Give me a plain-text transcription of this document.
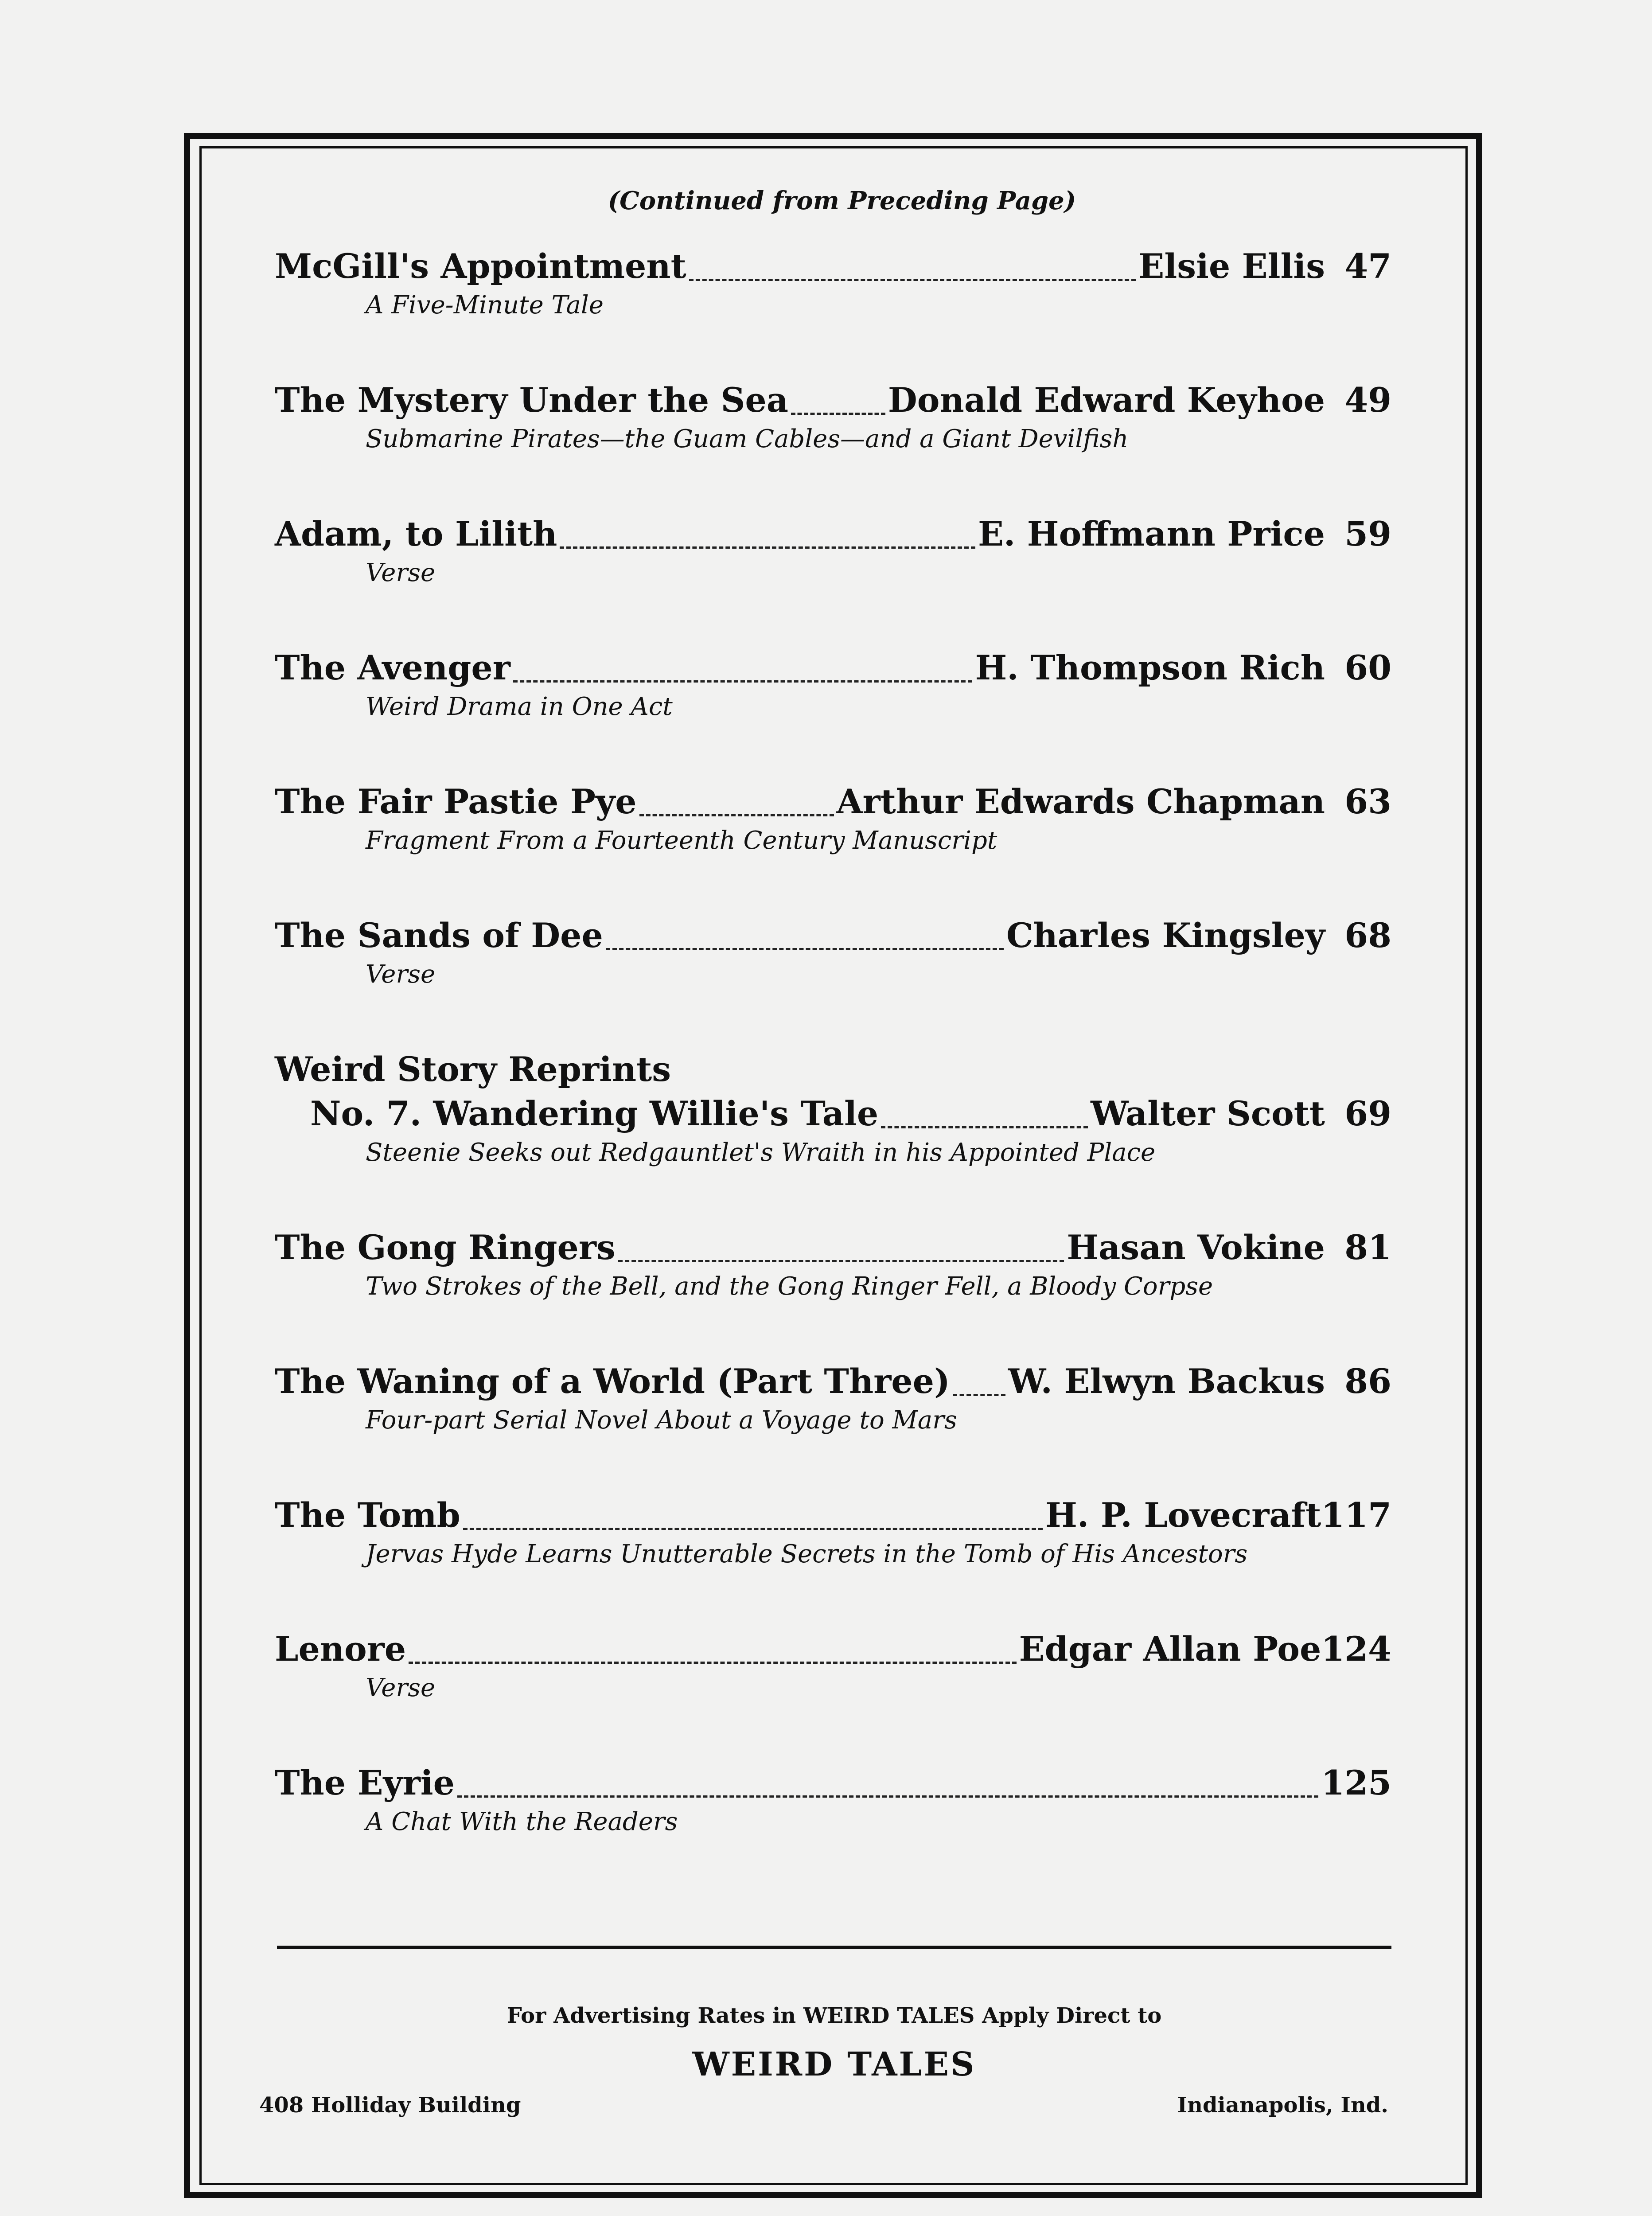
(Continued from Preceding Page)
McGill's Appointment	Elsie Ellis 47
A Five-Minute Tale
The Mystery Under the Sea	Donald Edward Keyhoe 49
Submarine Pirates—the Guam Cables—and a Giant Devilfish
Adam, to Lilith	E. Hoffmann Price 59
Verse
The Avenger	H. Thompson Rich 60
Weird Drama in One Act
The Fair Pastie Pye	Arthur Edwards Chapman 63
Fragment From a Fourteenth Century Manuscript
The Sands of Dee	Charles Kingsley 68
Verse
Weird Story Reprints
No. 7. Wandering Willie's Tale	Walter Scott 69
Steenie Seeks out Redgauntlet's Wraith in his Appointed Place
The Gong Ringers	Hasan Vokine 81
Two Strokes of the Bell, and the Gong Ringer Fell, a Bloody Corpse
The Waning of a World (Part Three) W. Elwyn Backus 86
Four-part Serial Novel About a Voyage to Mars
The Tomb	H. P. Lovecraft 117
Jervas Hyde Learns Unutterable Secrets in the Tomb of His Ancestors
Lenore	Edgar Allan Poe 124
Verse
The Eyrie	125
A Chat With the Readers
For Advertising Rates in WEIRD TALES Apply Direct to
WEIRD TALES
408 Holliday Building	Indianapolis, Ind.
